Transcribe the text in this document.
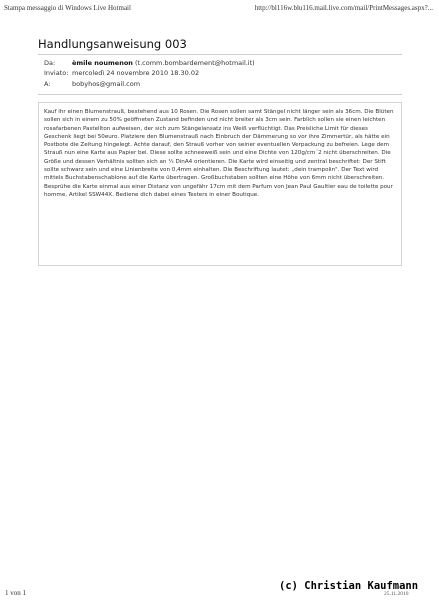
Stampa messaggio di Windows Live Hotmail	http://bl116w.blu116.mail.live.com/mail/PrintMessages.aspx?...
Handlungsanweisung 003
Da:	èmile noumenon (t.comm.bombardement@hotmail.it)
Inviato: mercoledì 24 novembre 2010 18.30.02
A:	bobyhos@gmail.com

Kauf ihr einen Blumenstrauß, bestehend aus 10 Rosen. Die Rosen sollen samt Stängel nicht länger sein als 36cm. Die Blüten sollen sich in einem zu 50% geöffneten Zustand befinden und nicht breiter als 3cm sein. Farblich sollen sie einen leichten rosafarbenen Pastellton aufweisen, der sich zum Stängelansatz ins Weiß verflüchtigt. Das Preisliche Limit für dieses Geschenk liegt bei 50euro. Platziere den Blumenstrauß nach Einbruch der Dämmerung so vor ihre Zimmertür, als hätte ein Postbote die Zeitung hingelegt. Achte darauf, den Strauß vorher von seiner eventuellen Verpackung zu befreien. Lege dem Strauß nun eine Karte aus Papier bei. Diese sollte schneeweiß sein und eine Dichte von 120g/cm´2 nicht überschreiten. Die Größe und dessen Verhältnis sollten sich an ¼ DinA4 orientieren. Die Karte wird einseitig und zentral beschriftet: Der Stift sollte schwarz sein und eine Linienbreite von 0,4mm einhalten. Die Beschriftung lautet: „dein trampolin". Der Text wird mittels Buchstabenschablone auf die Karte übertragen. Großbuchstaben sollten eine Höhe von 6mm nicht überschreiten. Besprühe die Karte einmal aus einer Distanz von ungefähr 17cm mit dem Parfum von Jean Paul Gaultier eau de toilette pour homme, Artikel SSW44X. Bediene dich dabei eines Testers in einer Boutique.

1 von 1	25.11.2010
(c) Christian Kaufmann
